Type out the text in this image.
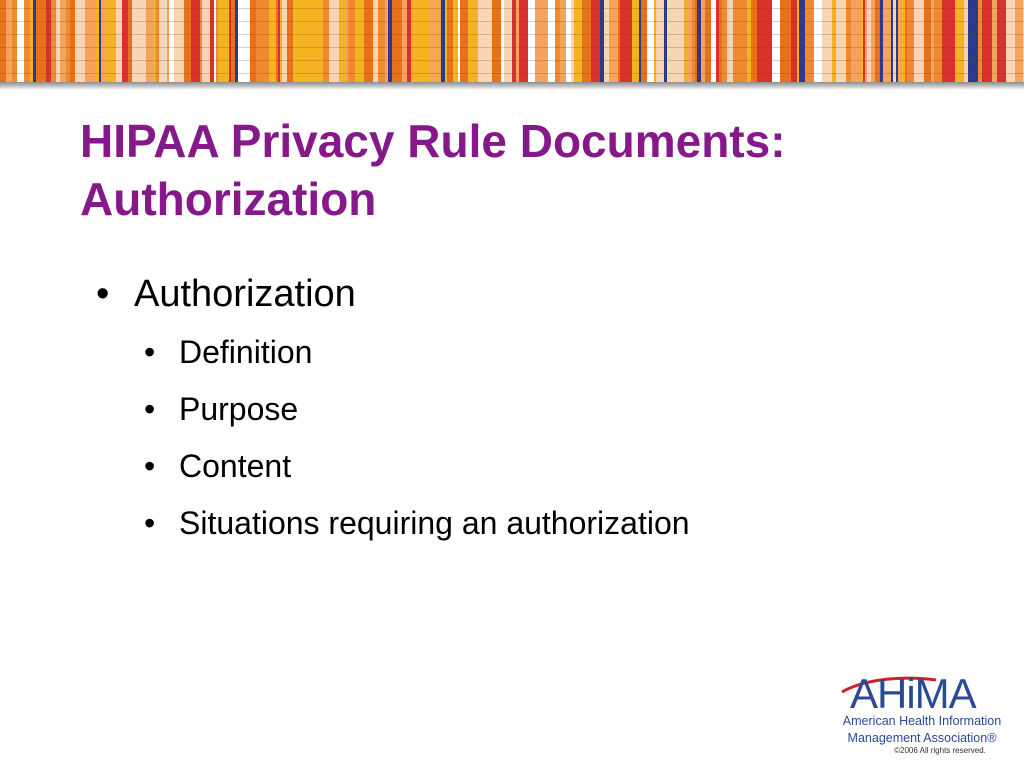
HIPAA Privacy Rule Documents:
Authorization
• Authorization
• Definition
• Purpose
• Content
• Situations requiring an authorization
AHiMA
American Health Information
Management Association®
©2006 All rights reserved.
